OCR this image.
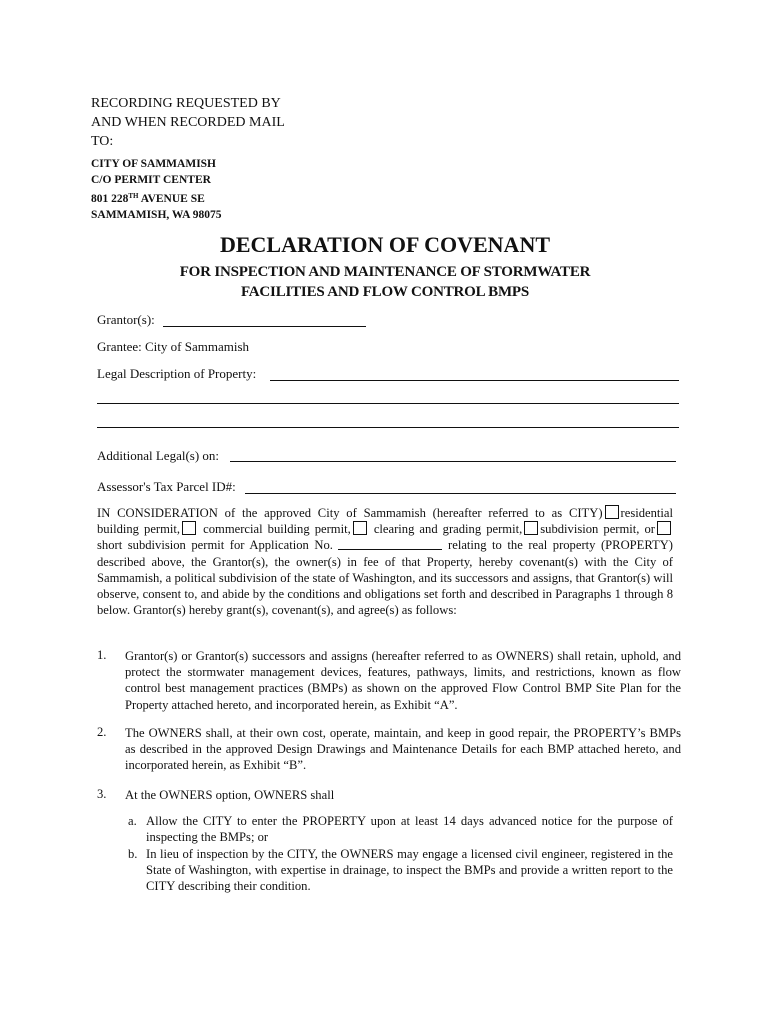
RECORDING REQUESTED BY
AND WHEN RECORDED MAIL
TO:
CITY OF SAMMAMISH
C/O PERMIT CENTER
801 228TH AVENUE SE
SAMMAMISH, WA 98075
DECLARATION OF COVENANT
FOR INSPECTION AND MAINTENANCE OF STORMWATER
FACILITIES AND FLOW CONTROL BMPS
Grantor(s):
Grantee: City of Sammamish
Legal Description of Property:
Additional Legal(s) on:
Assessor's Tax Parcel ID#:
IN CONSIDERATION of the approved City of Sammamish (hereafter referred to as CITY) residential building permit, commercial building permit, clearing and grading permit, subdivision permit, orshort subdivision permit for Application No.	relating to the real property (PROPERTY) described above, the Grantor(s), the owner(s) in fee of that Property, hereby covenant(s) with the City of Sammamish, a political subdivision of the state of Washington, and its successors and assigns, that Grantor(s) will observe, consent to, and abide by the conditions and obligations set forth and described in Paragraphs 1 through 8 below. Grantor(s) hereby grant(s), covenant(s), and agree(s) as follows:
1. Grantor(s) or Grantor(s) successors and assigns (hereafter referred to as OWNERS) shall retain, uphold, and protect the stormwater management devices, features, pathways, limits, and restrictions, known as flow control best management practices (BMPs) as shown on the approved Flow Control BMP Site Plan for the Property attached hereto, and incorporated herein, as Exhibit “A”.
2. The OWNERS shall, at their own cost, operate, maintain, and keep in good repair, the PROPERTY’s BMPs as described in the approved Design Drawings and Maintenance Details for each BMP attached hereto, and incorporated herein, as Exhibit “B”.
3. At the OWNERS option, OWNERS shall
a. Allow the CITY to enter the PROPERTY upon at least 14 days advanced notice for the purpose of inspecting the BMPs; or
b. In lieu of inspection by the CITY, the OWNERS may engage a licensed civil engineer, registered in the State of Washington, with expertise in drainage, to inspect the BMPs and provide a written report to the CITY describing their condition.
